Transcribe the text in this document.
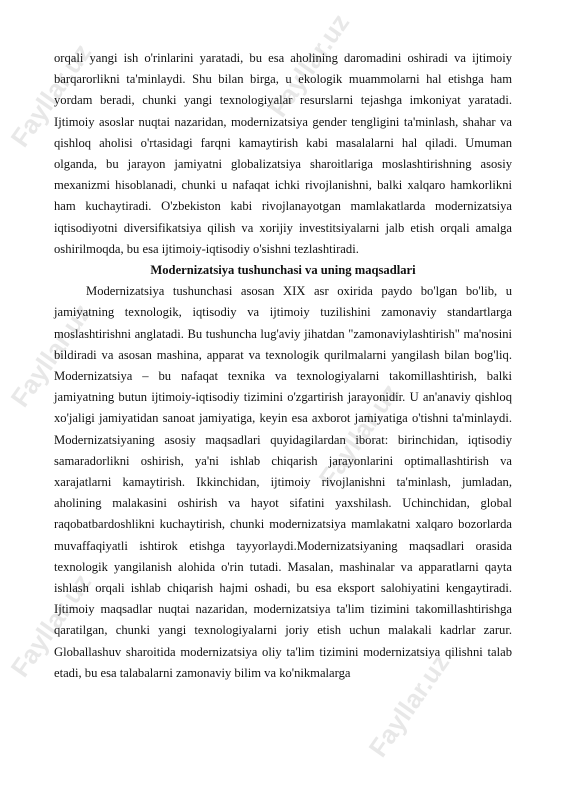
Fayllar.uz	Fayllar.uz
Fayllar.uz
Fayllar.uz
Fayllar.uz
Fayllar.uz

orqali yangi ish o'rinlarini yaratadi, bu esa aholining daromadini oshiradi va ijtimoiy barqarorlikni ta'minlaydi. Shu bilan birga, u ekologik muammolarni hal etishga ham yordam beradi, chunki yangi texnologiyalar resurslarni tejashga imkoniyat yaratadi. Ijtimoiy asoslar nuqtai nazaridan, modernizatsiya gender tengligini ta'minlash, shahar va qishloq aholisi o'rtasidagi farqni kamaytirish kabi masalalarni hal qiladi. Umuman olganda, bu jarayon jamiyatni globalizatsiya sharoitlariga moslashtirishning asosiy mexanizmi hisoblanadi, chunki u nafaqat ichki rivojlanishni, balki xalqaro hamkorlikni ham kuchaytiradi. O'zbekiston kabi rivojlanayotgan mamlakatlarda modernizatsiya iqtisodiyotni diversifikatsiya qilish va xorijiy investitsiyalarni jalb etish orqali amalga oshirilmoqda, bu esa ijtimoiy-iqtisodiy o'sishni tezlashtiradi.

Modernizatsiya tushunchasi va uning maqsadlari

Modernizatsiya tushunchasi asosan XIX asr oxirida paydo bo'lgan bo'lib, u jamiyatning texnologik, iqtisodiy va ijtimoiy tuzilishini zamonaviy standartlarga moslashtirishni anglatadi. Bu tushuncha lug'aviy jihatdan "zamonaviylashtirish" ma'nosini bildiradi va asosan mashina, apparat va texnologik qurilmalarni yangilash bilan bog'liq. Modernizatsiya – bu nafaqat texnika va texnologiyalarni takomillashtirish, balki jamiyatning butun ijtimoiy-iqtisodiy tizimini o'zgartirish jarayonidir. U an'anaviy qishloq xo'jaligi jamiyatidan sanoat jamiyatiga, keyin esa axborot jamiyatiga o'tishni ta'minlaydi. Modernizatsiyaning asosiy maqsadlari quyidagilardan iborat: birinchidan, iqtisodiy samaradorlikni oshirish, ya'ni ishlab chiqarish jarayonlarini optimallashtirish va xarajatlarni kamaytirish. Ikkinchidan, ijtimoiy rivojlanishni ta'minlash, jumladan, aholining malakasini oshirish va hayot sifatini yaxshilash. Uchinchidan, global raqobatbardoshlikni kuchaytirish, chunki modernizatsiya mamlakatni xalqaro bozorlarda muvaffaqiyatli ishtirok etishga tayyorlaydi.Modernizatsiyaning maqsadlari orasida texnologik yangilanish alohida o'rin tutadi. Masalan, mashinalar va apparatlarni qayta ishlash orqali ishlab chiqarish hajmi oshadi, bu esa eksport salohiyatini kengaytiradi. Ijtimoiy maqsadlar nuqtai nazaridan, modernizatsiya ta'lim tizimini takomillashtirishga qaratilgan, chunki yangi texnologiyalarni joriy etish uchun malakali kadrlar zarur. Globallashuv sharoitida modernizatsiya oliy ta'lim tizimini modernizatsiya qilishni talab etadi, bu esa talabalarni zamonaviy bilim va ko'nikmalarga
